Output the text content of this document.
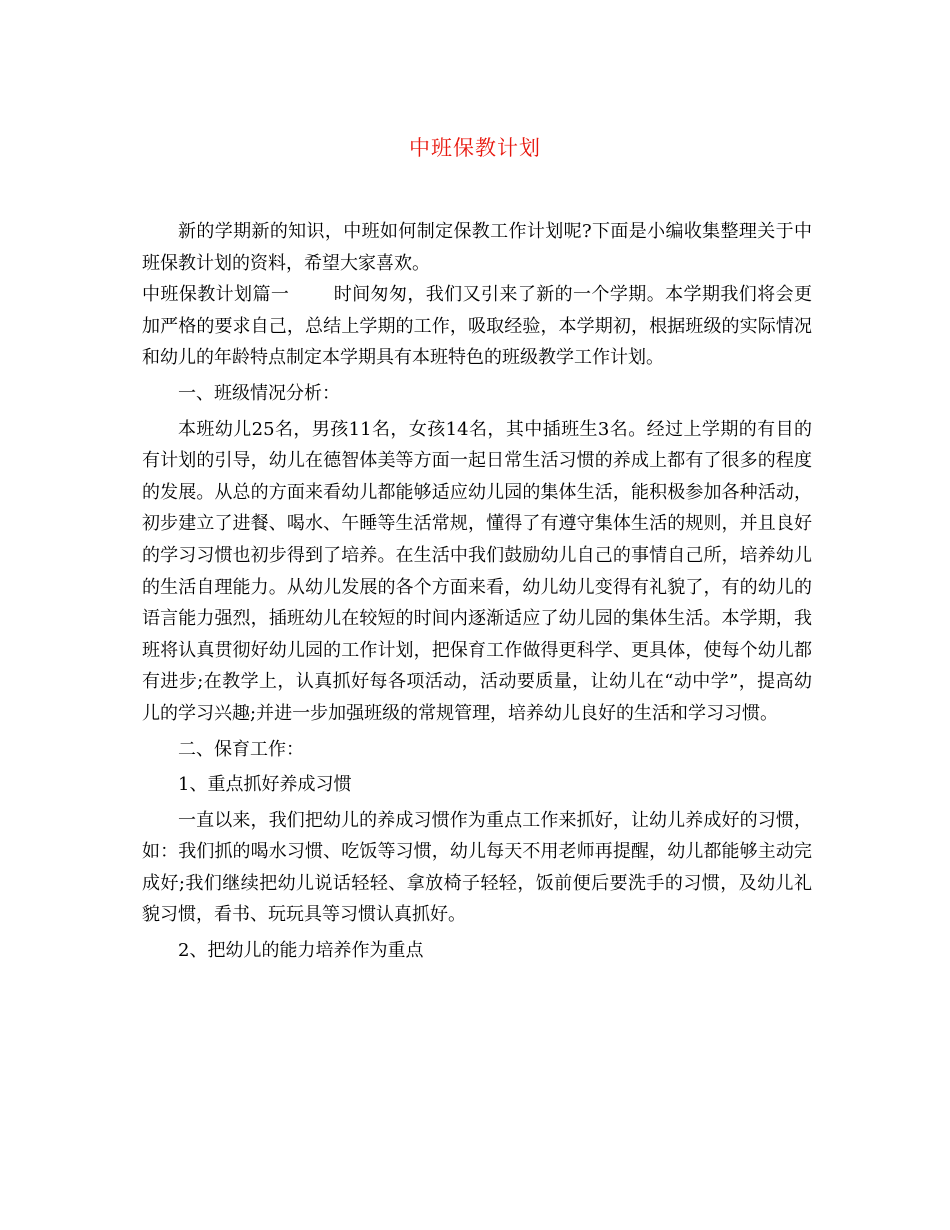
中班保教计划

新的学期新的知识，中班如何制定保教工作计划呢?下面是小编收集整理关于中班保教计划的资料，希望大家喜欢。

中班保教计划篇一 时间匆匆，我们又引来了新的一个学期。本学期我们将会更加严格的要求自己，总结上学期的工作，吸取经验，本学期初，根据班级的实际情况和幼儿的年龄特点制定本学期具有本班特色的班级教学工作计划。

一、班级情况分析：

本班幼儿25名，男孩11名，女孩14名，其中插班生3名。经过上学期的有目的有计划的引导，幼儿在德智体美等方面一起日常生活习惯的养成上都有了很多的程度的发展。从总的方面来看幼儿都能够适应幼儿园的集体生活，能积极参加各种活动，初步建立了进餐、喝水、午睡等生活常规，懂得了有遵守集体生活的规则，并且良好的学习习惯也初步得到了培养。在生活中我们鼓励幼儿自己的事情自己所，培养幼儿的生活自理能力。从幼儿发展的各个方面来看，幼儿幼儿变得有礼貌了，有的幼儿的语言能力强烈，插班幼儿在较短的时间内逐渐适应了幼儿园的集体生活。本学期，我班将认真贯彻好幼儿园的工作计划，把保育工作做得更科学、更具体，使每个幼儿都有进步;在教学上，认真抓好每各项活动，活动要质量，让幼儿在“动中学”，提高幼儿的学习兴趣;并进一步加强班级的常规管理，培养幼儿良好的生活和学习习惯。

二、保育工作：

1、重点抓好养成习惯

一直以来，我们把幼儿的养成习惯作为重点工作来抓好，让幼儿养成好的习惯，如：我们抓的喝水习惯、吃饭等习惯，幼儿每天不用老师再提醒，幼儿都能够主动完成好;我们继续把幼儿说话轻轻、拿放椅子轻轻，饭前便后要洗手的习惯，及幼儿礼貌习惯，看书、玩玩具等习惯认真抓好。

2、把幼儿的能力培养作为重点
